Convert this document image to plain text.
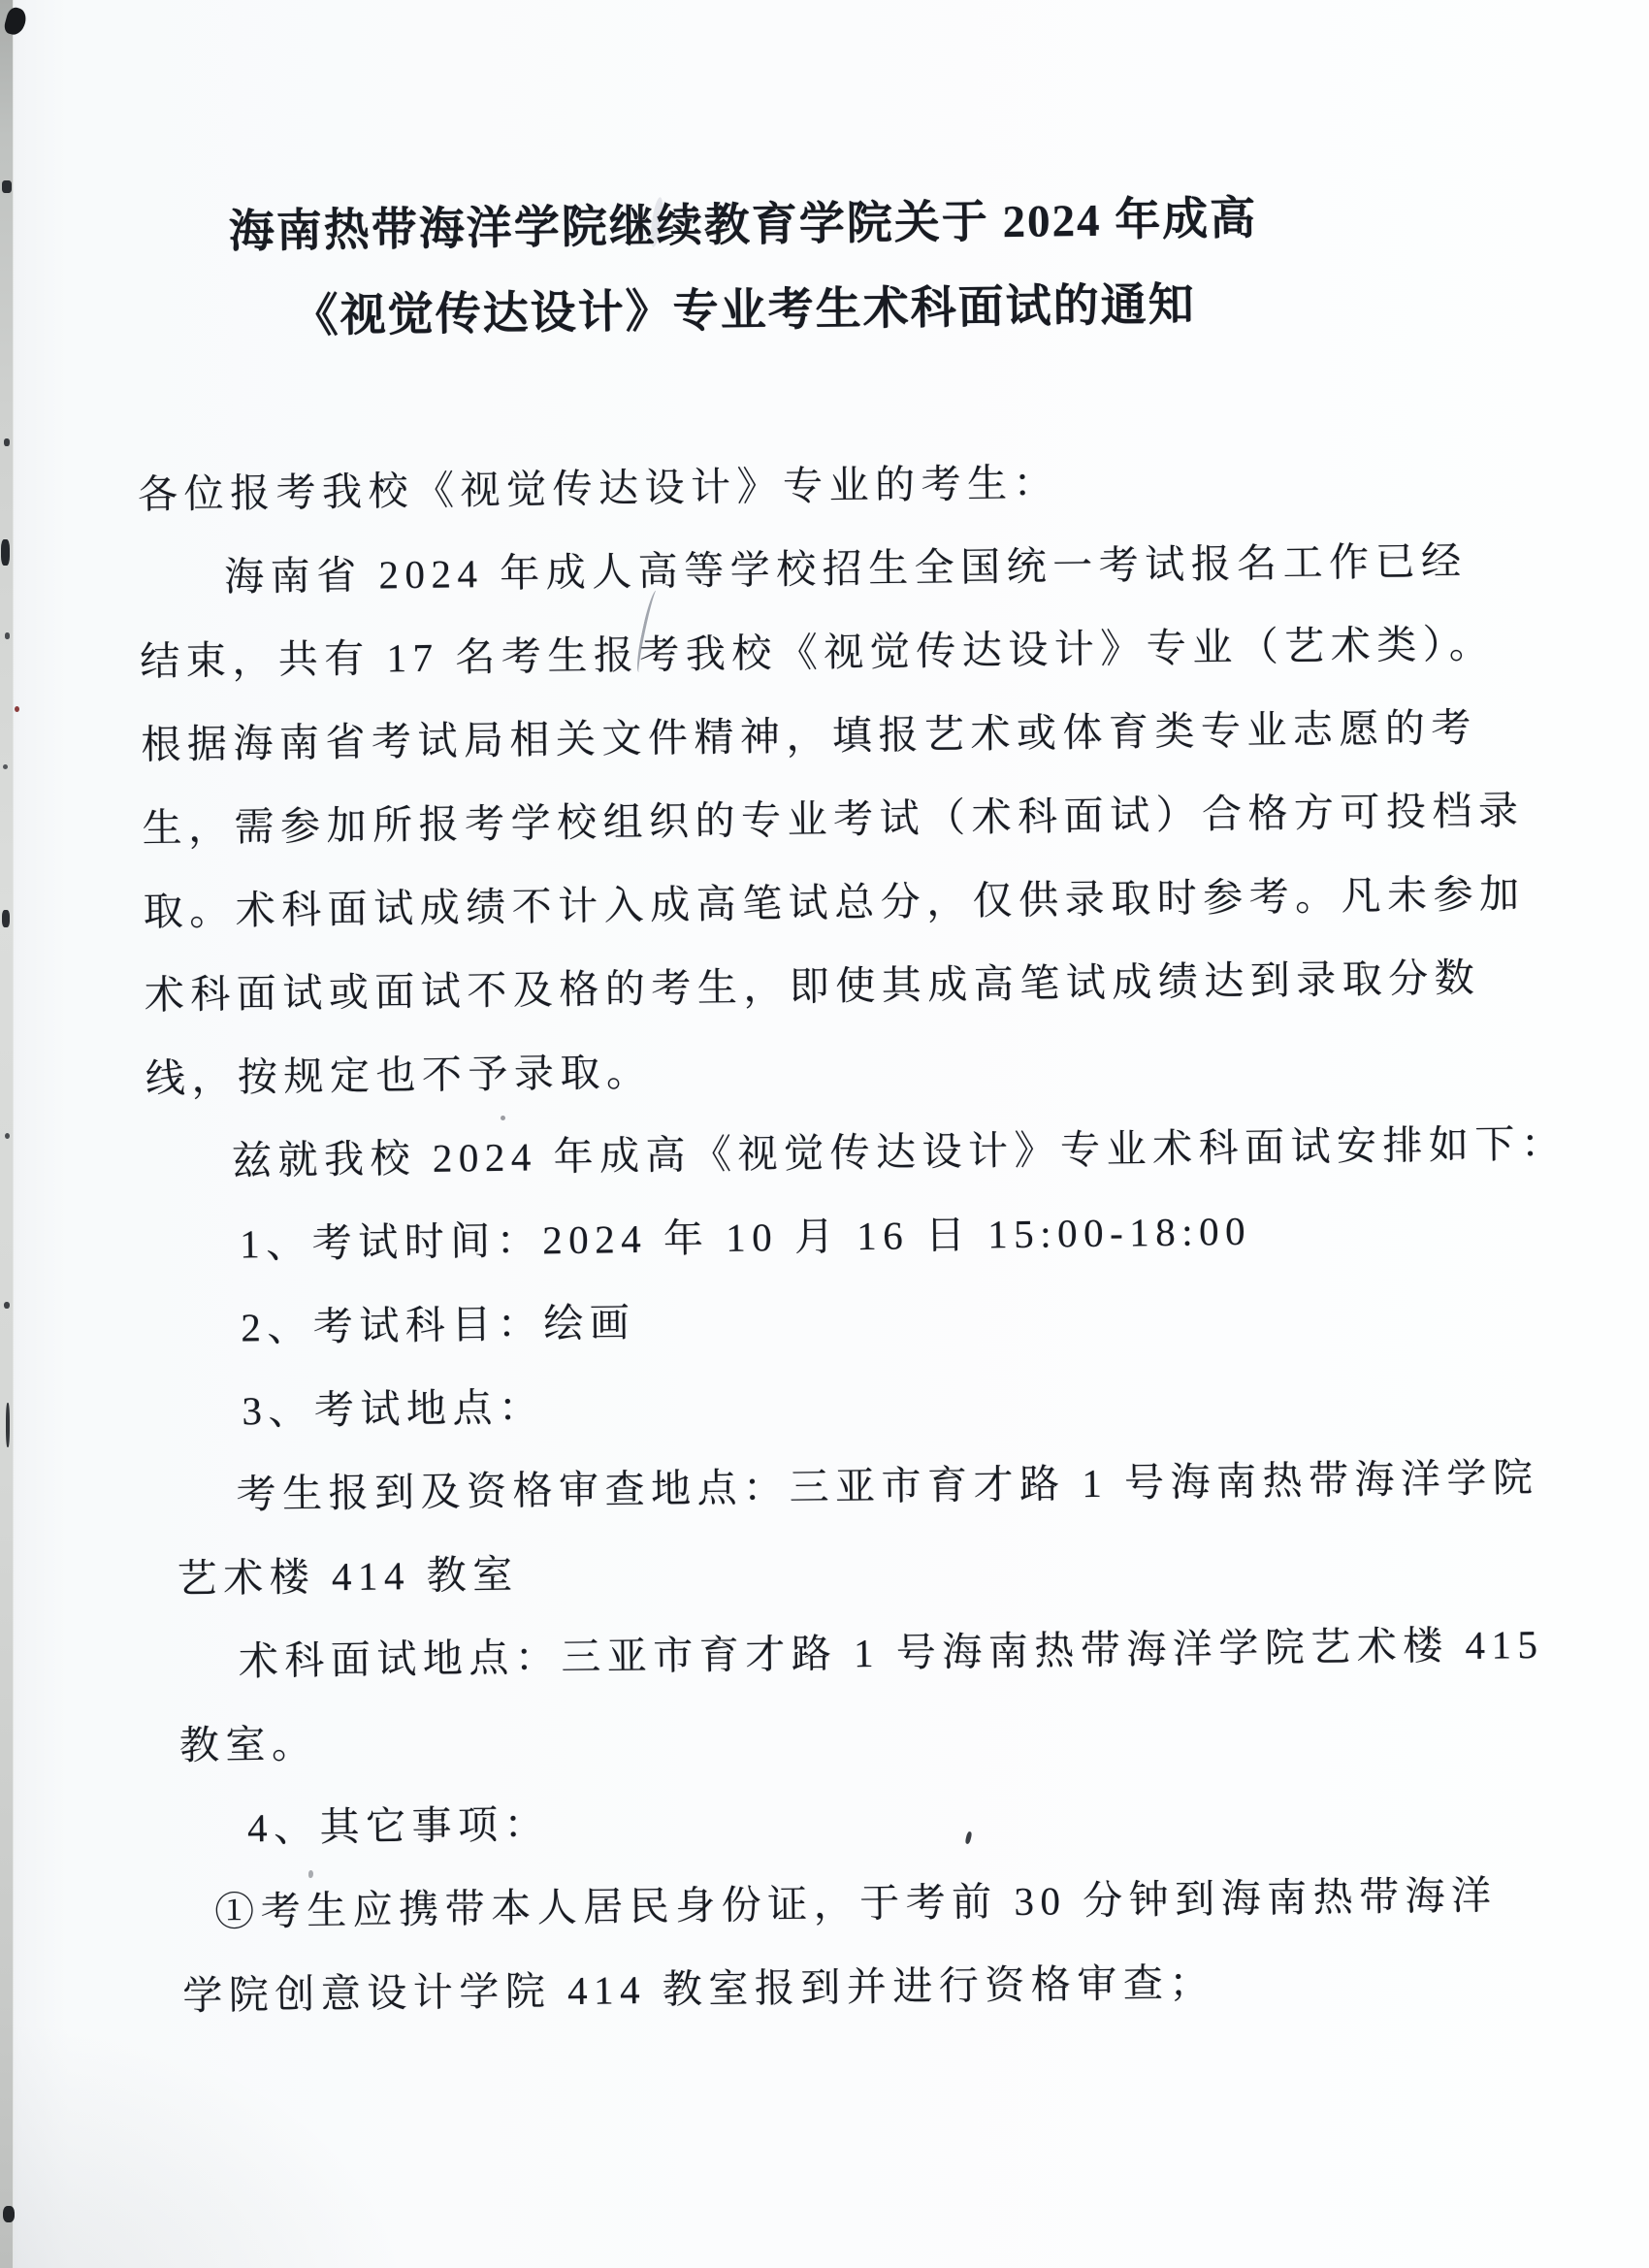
海南热带海洋学院继续教育学院关于 2024 年成高
《视觉传达设计》专业考生术科面试的通知

各位报考我校《视觉传达设计》专业的考生：

海南省 2024 年成人高等学校招生全国统一考试报名工作已经

结束，共有 17 名考生报考我校《视觉传达设计》专业（艺术类）。

根据海南省考试局相关文件精神，填报艺术或体育类专业志愿的考

生，需参加所报考学校组织的专业考试（术科面试）合格方可投档录

取。术科面试成绩不计入成高笔试总分，仅供录取时参考。凡未参加

术科面试或面试不及格的考生，即使其成高笔试成绩达到录取分数

线，按规定也不予录取。

兹就我校 2024 年成高《视觉传达设计》专业术科面试安排如下：

1、考试时间：2024 年 10 月 16 日 15:00-18:00

2、考试科目：绘画

3、考试地点：

考生报到及资格审查地点：三亚市育才路 1 号海南热带海洋学院

艺术楼 414 教室

术科面试地点：三亚市育才路 1 号海南热带海洋学院艺术楼 415

教室。

4、其它事项：

①考生应携带本人居民身份证，于考前 30 分钟到海南热带海洋

学院创意设计学院 414 教室报到并进行资格审查；
